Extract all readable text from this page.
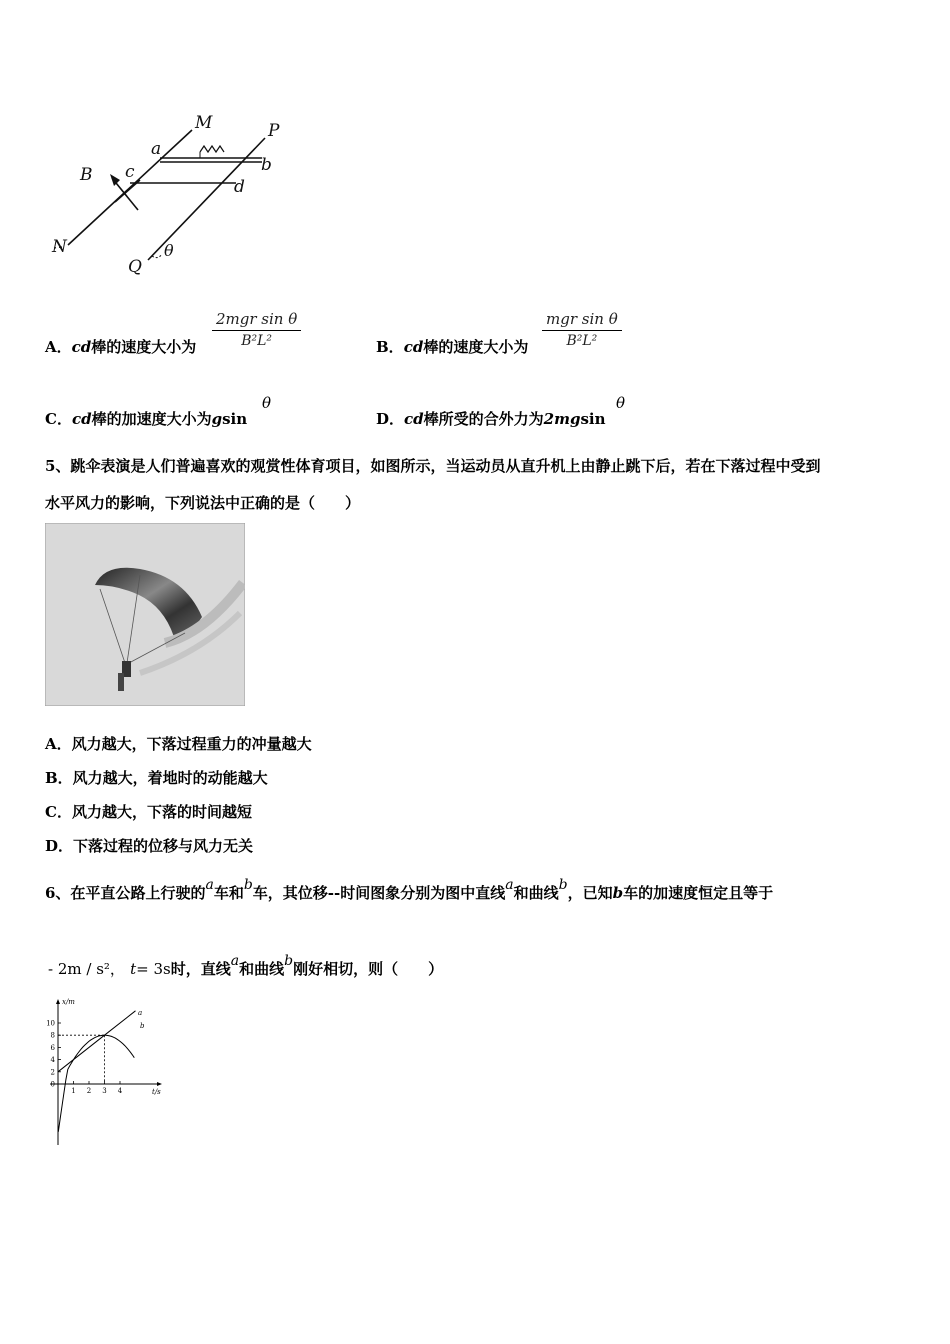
M	P
a
b
c
d
B
N
Q
θ
A．cd棒的速度大小为
2mgr sin θ
B²L²	B．cd棒的速度大小为
mgr sin θ
B²L²
C．cd棒的加速度大小为gsin
θ
D．cd棒所受的合外力为2mgsin
θ
5、跳伞表演是人们普遍喜欢的观赏性体育项目，如图所示，当运动员从直升机上由静止跳下后，若在下落过程中受到
水平风力的影响，下列说法中正确的是（　　）
A．风力越大，下落过程重力的冲量越大
B．风力越大，着地时的动能越大
C．风力越大，下落的时间越短
D．下落过程的位移与风力无关
6、在平直公路上行驶的a车和b车，其位移--时间图象分别为图中直线a和曲线b，已知b车的加速度恒定且等于
- 2m / s²， t= 3s时，直线a和曲线b刚好相切，则（　　）
x/m
t/s
10
8
6
4
2
0
1 2 3 4
a
b
